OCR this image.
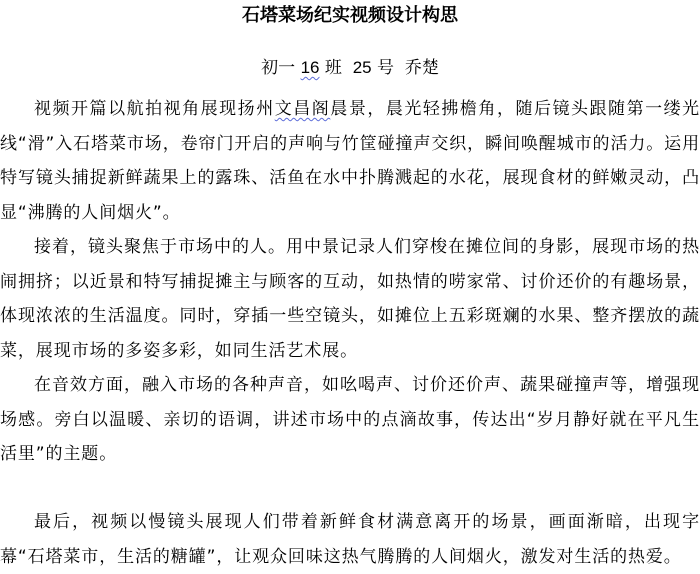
石塔菜场纪实视频设计构思
初一 16 班 25 号 乔楚

视频开篇以航拍视角展现扬州文昌阁晨景，晨光轻拂檐角，随后镜头跟随第一缕光线“滑”入石塔菜市场，卷帘门开启的声响与竹筐碰撞声交织，瞬间唤醒城市的活力。运用特写镜头捕捉新鲜蔬果上的露珠、活鱼在水中扑腾溅起的水花，展现食材的鲜嫩灵动，凸显“沸腾的人间烟火”。

接着，镜头聚焦于市场中的人。用中景记录人们穿梭在摊位间的身影，展现市场的热闹拥挤；以近景和特写捕捉摊主与顾客的互动，如热情的唠家常、讨价还价的有趣场景，体现浓浓的生活温度。同时，穿插一些空镜头，如摊位上五彩斑斓的水果、整齐摆放的蔬菜，展现市场的多姿多彩，如同生活艺术展。

在音效方面，融入市场的各种声音，如吆喝声、讨价还价声、蔬果碰撞声等，增强现场感。旁白以温暖、亲切的语调，讲述市场中的点滴故事，传达出“岁月静好就在平凡生活里”的主题。

最后，视频以慢镜头展现人们带着新鲜食材满意离开的场景，画面渐暗，出现字幕“石塔菜市，生活的糖罐”，让观众回味这热气腾腾的人间烟火，激发对生活的热爱。
